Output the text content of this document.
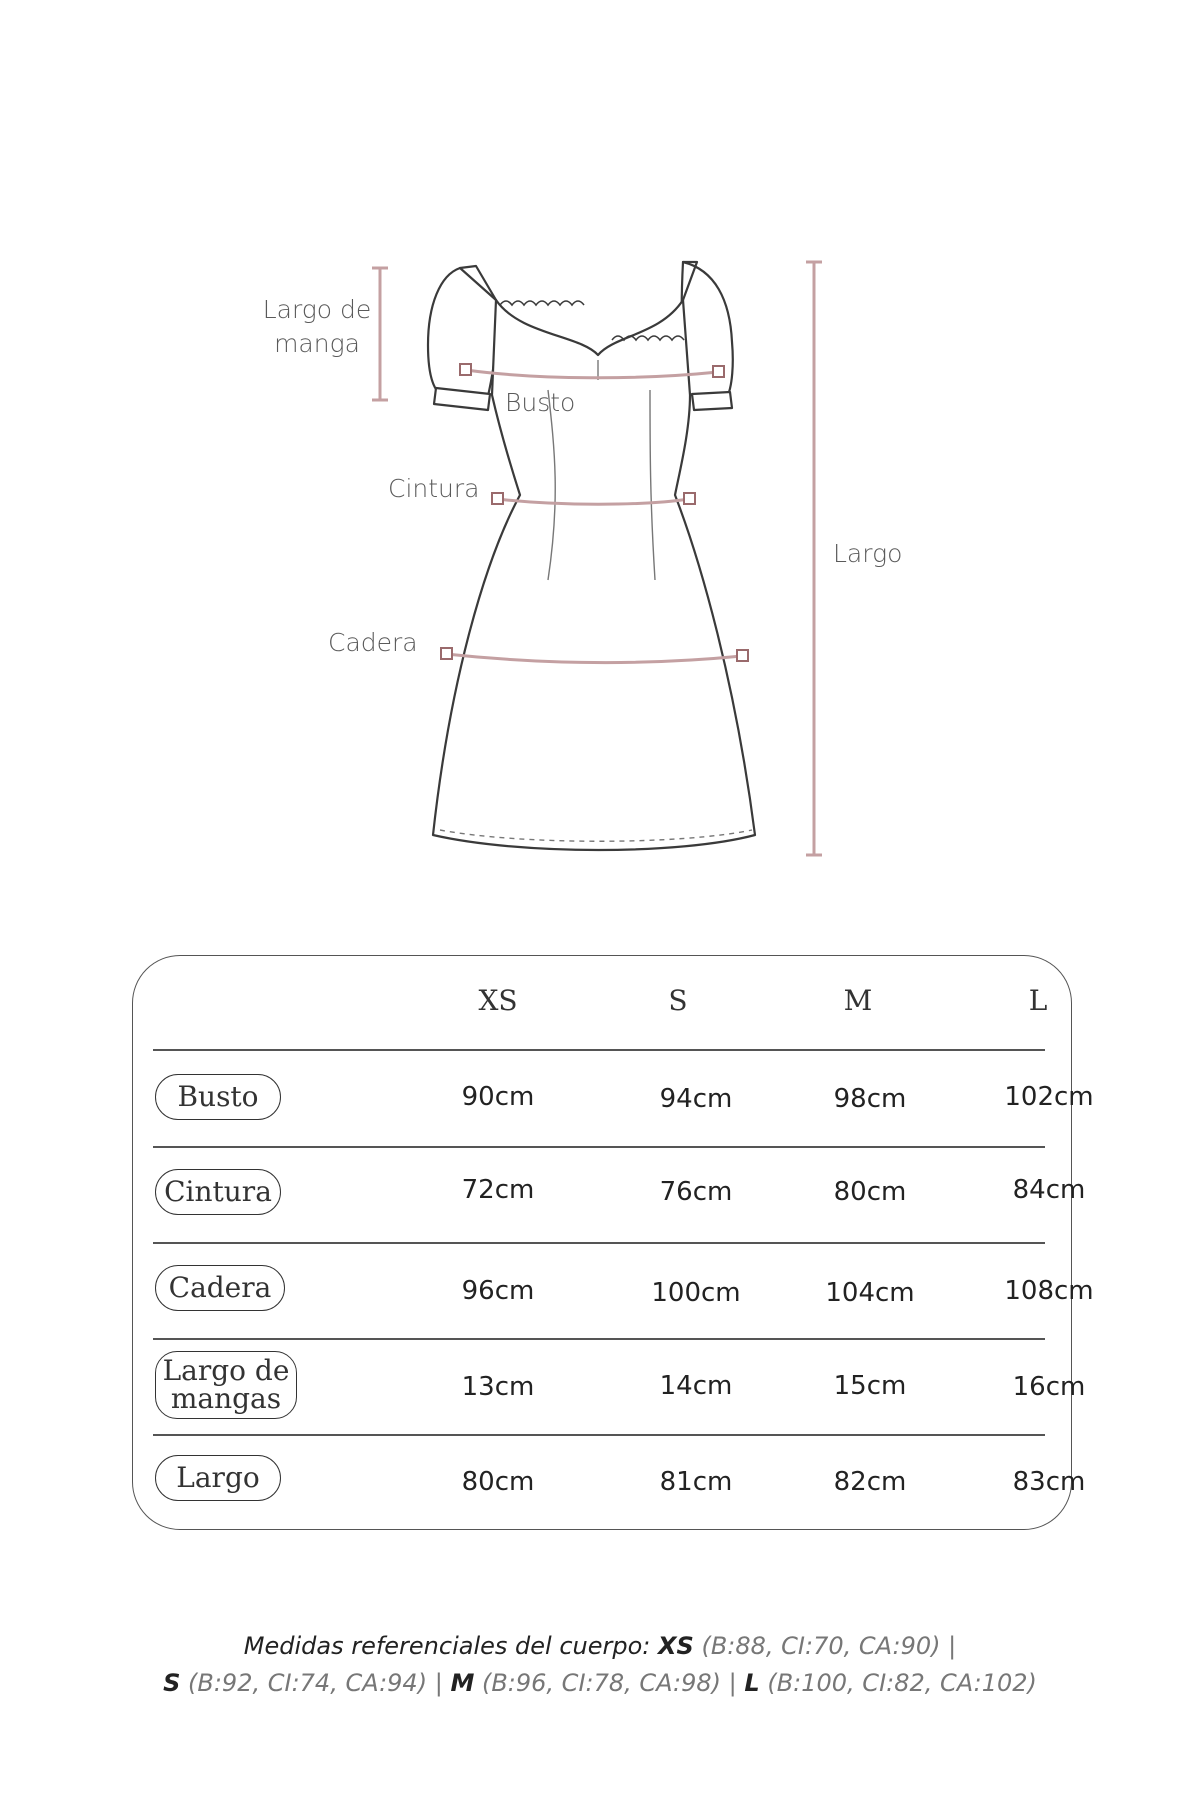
Largo de
manga
Busto
Cintura
Cadera
Largo
XS	S	M	L
Busto	90cm	94cm	98cm	102cm
Cintura	72cm	76cm	80cm	84cm
Cadera	96cm	100cm	104cm	108cm
Largo de
mangas	13cm	14cm	15cm	16cm
Largo	80cm	81cm	82cm	83cm
Medidas referenciales del cuerpo: XS (B:88, CI:70, CA:90) |
S (B:92, CI:74, CA:94) | M (B:96, CI:78, CA:98) | L (B:100, CI:82, CA:102)
